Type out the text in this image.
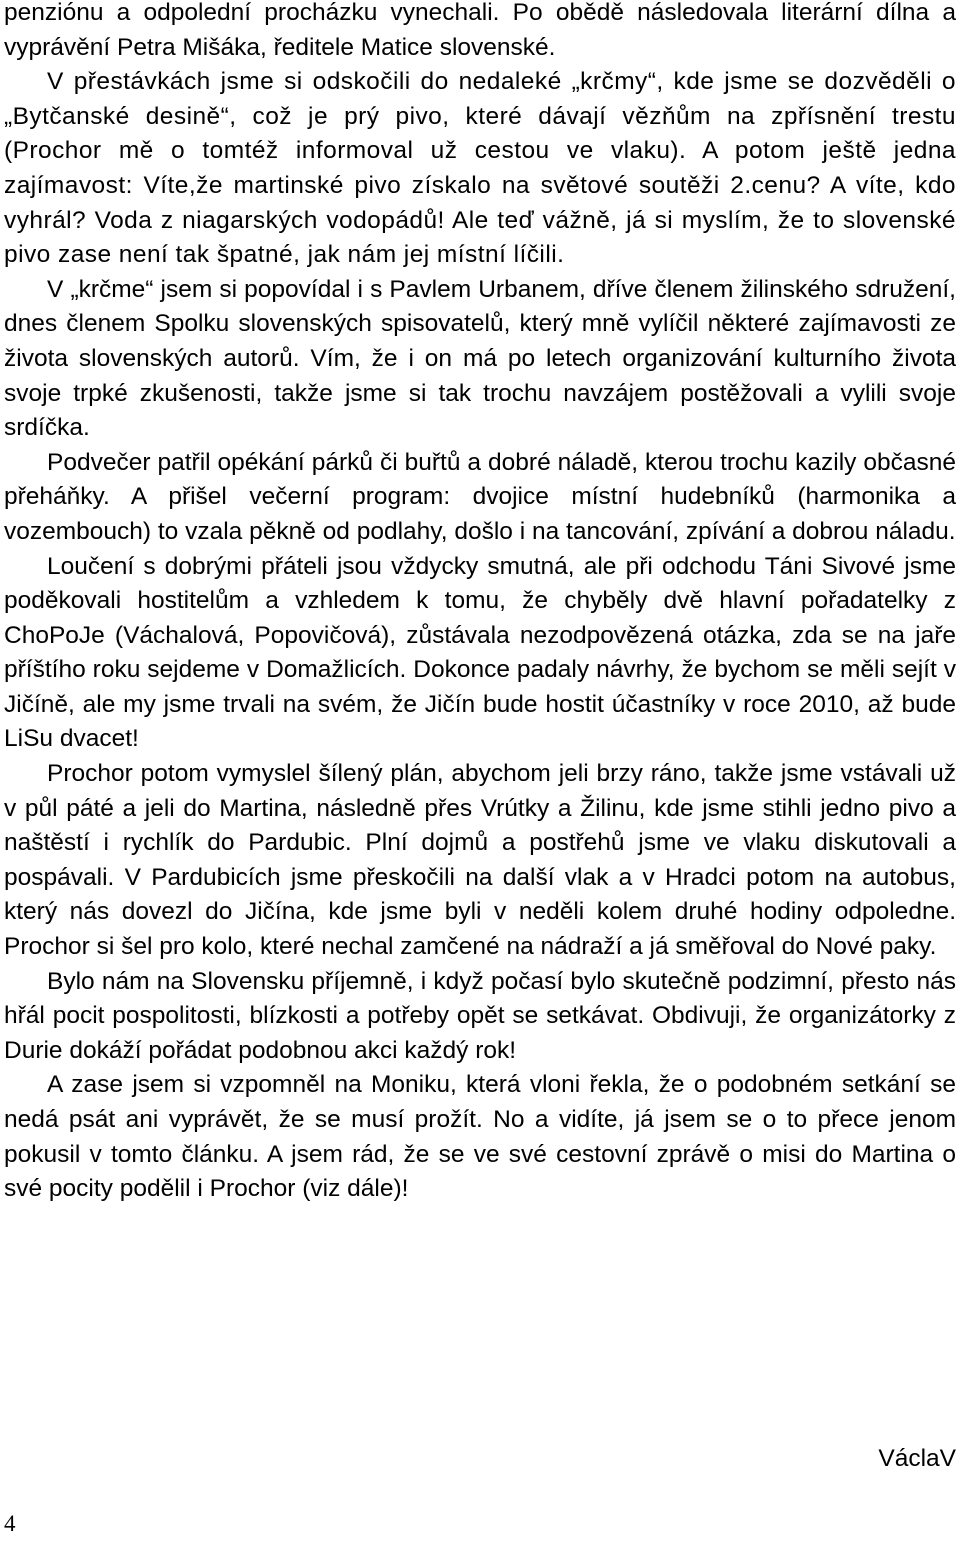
penziónu a odpolední procházku vynechali. Po obědě následovala literární dílna a vyprávění Petra Mišáka, ředitele Matice slovenské.

V přestávkách jsme si odskočili do nedaleké „krčmy“, kde jsme se dozvěděli o „Bytčanské desině“, což je prý pivo, které dávají vězňům na zpřísnění trestu (Prochor mě o tomtéž informoval už cestou ve vlaku). A potom ještě jedna zajímavost: Víte,že martinské pivo získalo na světové soutěži 2.cenu? A víte, kdo vyhrál? Voda z niagarských vodopádů! Ale teď vážně, já si myslím, že to slovenské pivo zase není tak špatné, jak nám jej místní líčili.

V „krčme“ jsem si popovídal i s Pavlem Urbanem, dříve členem žilinského sdružení, dnes členem Spolku slovenských spisovatelů, který mně vylíčil některé zajímavosti ze života slovenských autorů. Vím, že i on má po letech organizování kulturního života svoje trpké zkušenosti, takže jsme si tak trochu navzájem postěžovali a vylili svoje srdíčka.

Podvečer patřil opékání párků či buřtů a dobré náladě, kterou trochu kazily občasné přeháňky. A přišel večerní program: dvojice místní hudebníků (harmonika a vozembouch) to vzala pěkně od podlahy, došlo i na tancování, zpívání a dobrou náladu.

Loučení s dobrými přáteli jsou vždycky smutná, ale při odchodu Táni Sivové jsme poděkovali hostitelům a vzhledem k tomu, že chyběly dvě hlavní pořadatelky z ChoPoJe (Váchalová, Popovičová), zůstávala nezodpovězená otázka, zda se na jaře příštího roku sejdeme v Domažlicích. Dokonce padaly návrhy, že bychom se měli sejít v Jičíně, ale my jsme trvali na svém, že Jičín bude hostit účastníky v roce 2010, až bude LiSu dvacet!

Prochor potom vymyslel šílený plán, abychom jeli brzy ráno, takže jsme vstávali už v půl páté a jeli do Martina, následně přes Vrútky a Žilinu, kde jsme stihli jedno pivo a naštěstí i rychlík do Pardubic. Plní dojmů a postřehů jsme ve vlaku diskutovali a pospávali. V Pardubicích jsme přeskočili na další vlak a v Hradci potom na autobus, který nás dovezl do Jičína, kde jsme byli v neděli kolem druhé hodiny odpoledne. Prochor si šel pro kolo, které nechal zamčené na nádraží a já směřoval do Nové paky.

Bylo nám na Slovensku příjemně, i když počasí bylo skutečně podzimní, přesto nás hřál pocit pospolitosti, blízkosti a potřeby opět se setkávat. Obdivuji, že organizátorky z Durie dokáží pořádat podobnou akci každý rok!

A zase jsem si vzpomněl na Moniku, která vloni řekla, že o podobném setkání se nedá psát ani vyprávět, že se musí prožít. No a vidíte, já jsem se o to přece jenom pokusil v tomto článku. A jsem rád, že se ve své cestovní zprávě o misi do Martina o své pocity podělil i Prochor (viz dále)!

VáclaV
4
